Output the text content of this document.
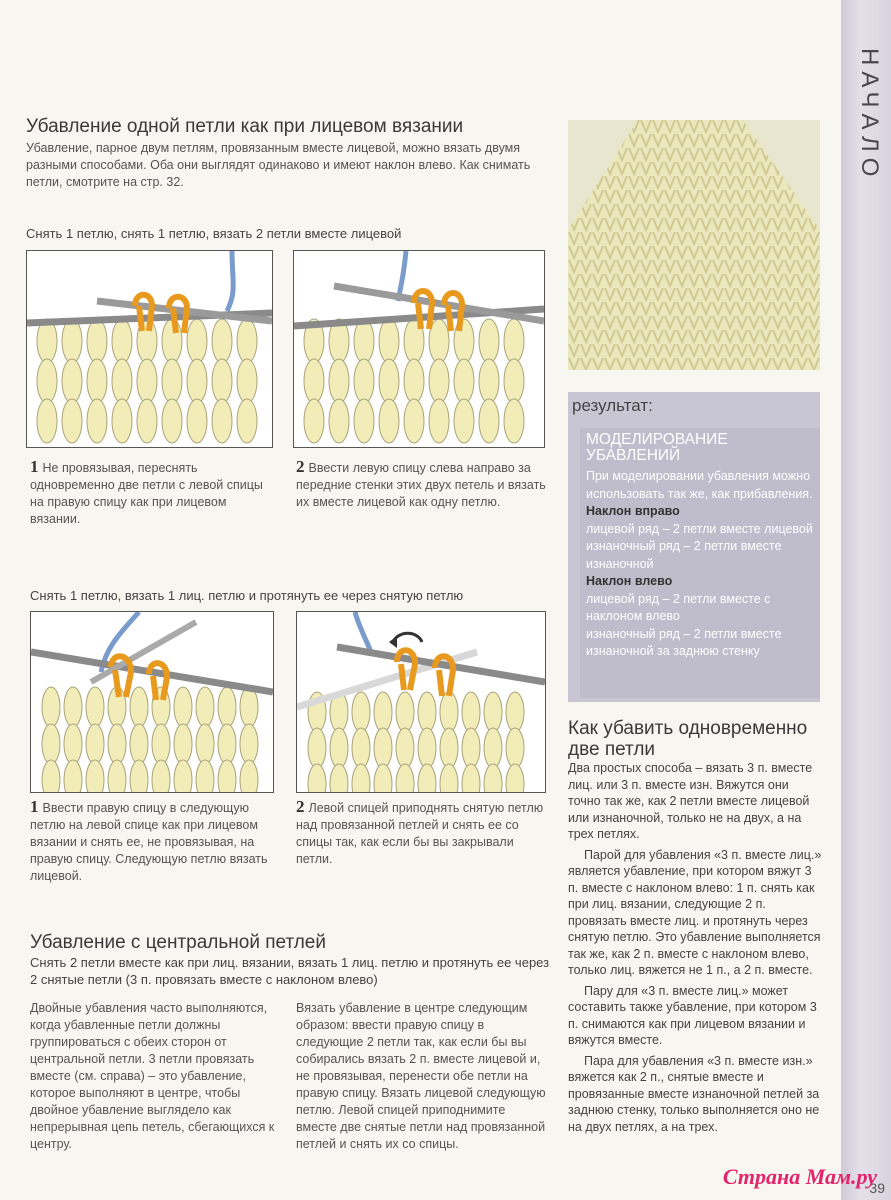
НАЧАЛО
39
Убавление одной петли как при лицевом вязании
Убавление, парное двум петлям, провязанным вместе лицевой, можно вязать двумя разными способами. Оба они выглядят одинаково и имеют наклон влево. Как снимать петли, смотрите на стр. 32.
Снять 1 петлю, снять 1 петлю, вязать 2 петли вместе лицевой
1 Не провязывая, переснять одновременно две петли с левой спицы на правую спицу как при лицевом вязании.
2 Ввести левую спицу слева направо за передние стенки этих двух петель и вязать их вместе лицевой как одну петлю.
Снять 1 петлю, вязать 1 лиц. петлю и протянуть ее через снятую петлю
1 Ввести правую спицу в следующую петлю на левой спице как при лицевом вязании и снять ее, не провязывая, на правую спицу. Следующую петлю вязать лицевой.
2 Левой спицей приподнять снятую петлю над провязанной петлей и снять ее со спицы так, как если бы вы закрывали петли.
Убавление с центральной петлей
Снять 2 петли вместе как при лиц. вязании, вязать 1 лиц. петлю и протянуть ее через 2 снятые петли (3 п. провязать вместе с наклоном влево)
Двойные убавления часто выполняются, когда убавленные петли должны группироваться с обеих сторон от центральной петли. 3 петли провязать вместе (см. справа) – это убавление, которое выполняют в центре, чтобы двойное убавление выглядело как непрерывная цепь петель, сбегающихся к центру.
Вязать убавление в центре следующим образом: ввести правую спицу в следующие 2 петли так, как если бы вы собирались вязать 2 п. вместе лицевой и, не провязывая, перенести обе петли на правую спицу. Вязать лицевой следующую петлю. Левой спицей приподнимите вместе две снятые петли над провязанной петлей и снять их со спицы.
результат:
МОДЕЛИРОВАНИЕ УБАВЛЕНИЙ
При моделировании убавления можно использовать так же, как прибавления.
Наклон вправо
лицевой ряд – 2 петли вместе лицевой
изнаночный ряд – 2 петли вместе изнаночной
Наклон влево
лицевой ряд – 2 петли вместе с наклоном влево
изнаночный ряд – 2 петли вместе изнаночной за заднюю стенку
Как убавить одновременно две петли
Два простых способа – вязать 3 п. вместе лиц. или 3 п. вместе изн. Вяжутся они точно так же, как 2 петли вместе лицевой или изнаночной, только не на двух, а на трех петлях.
Парой для убавления «3 п. вместе лиц.» является убавление, при котором вяжут 3 п. вместе с наклоном влево: 1 п. снять как при лиц. вязании, следующие 2 п. провязать вместе лиц. и протянуть через снятую петлю. Это убавление выполняется так же, как 2 п. вместе с наклоном влево, только лиц. вяжется не 1 п., а 2 п. вместе.
Пару для «3 п. вместе лиц.» может составить также убавление, при котором 3 п. снимаются как при лицевом вязании и вяжутся вместе.
Пара для убавления «3 п. вместе изн.» вяжется как 2 п., снятые вместе и провязанные вместе изнаночной петлей за заднюю стенку, только выполняется оно не на двух петлях, а на трех.
Страна Мам.ру
